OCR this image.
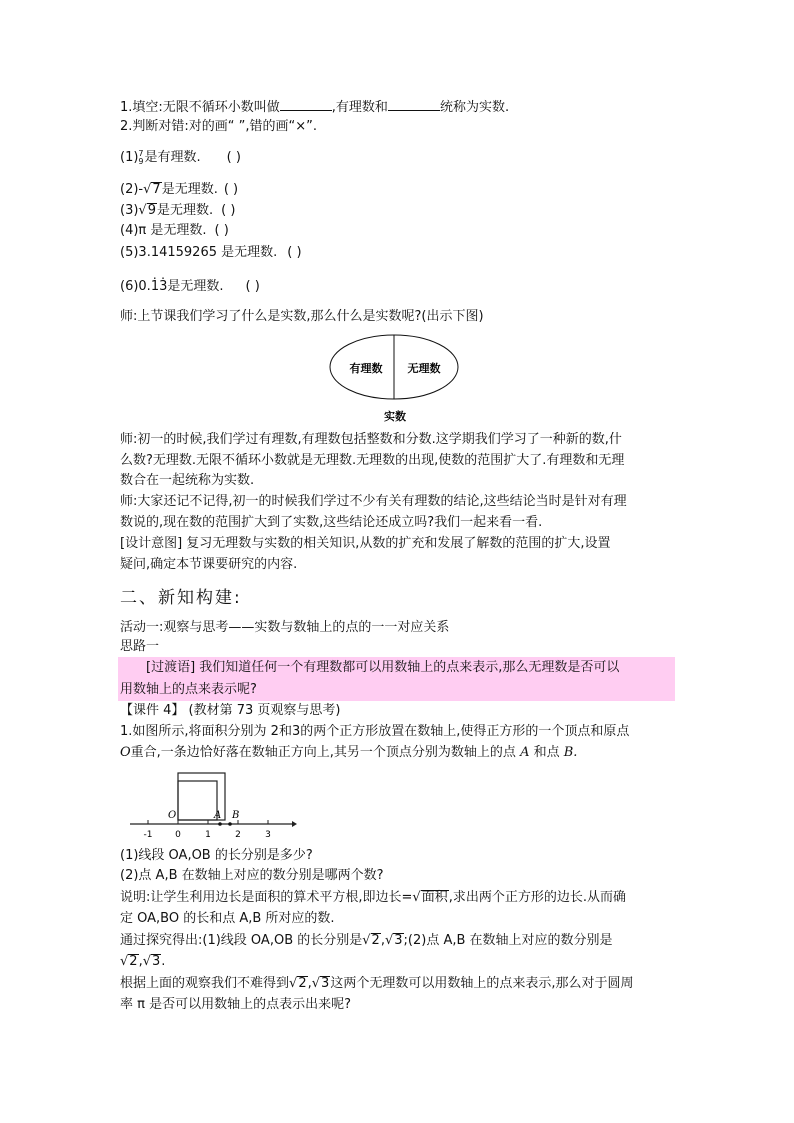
1.填空:无限不循环小数叫做	,有理数和	统称为实数.
2.判断对错:对的画“ ”,错的画“×”.
(1) 7
9 是有理数. ( )
(2)-√7是无理数. ( )
(3)√9是无理数. ( )
(4)π 是无理数. ( )
(5)3.14159265 是无理数. ( )
(6)0.. 1. 3是无理数. ( )
师:上节课我们学习了什么是实数,那么什么是实数呢?(出示下图)
有理数 无理数
实数
师:初一的时候,我们学过有理数,有理数包括整数和分数.这学期我们学习了一种新的数,什
么数?无理数.无限不循环小数就是无理数.无理数的出现,使数的范围扩大了.有理数和无理
数合在一起统称为实数.
师:大家还记不记得,初一的时候我们学过不少有关有理数的结论,这些结论当时是针对有理
数说的,现在数的范围扩大到了实数,这些结论还成立吗?我们一起来看一看.
[设计意图] 复习无理数与实数的相关知识,从数的扩充和发展了解数的范围的扩大,设置
疑问,确定本节课要研究的内容.
二、新知构建:
活动一:观察与思考——实数与数轴上的点的一一对应关系
思路一
[过渡语] 我们知道任何一个有理数都可以用数轴上的点来表示,那么无理数是否可以
用数轴上的点来表示呢?
【课件 4】 (教材第 73 页观察与思考)
1.如图所示,将面积分别为 2和3的两个正方形放置在数轴上,使得正方形的一个顶点和原点
O重合,一条边恰好落在数轴正方向上,其另一个顶点分别为数轴上的点 A 和点 B.
O	A B
-1	0	1	2	3
(1)线段 OA,OB 的长分别是多少?
(2)点 A,B 在数轴上对应的数分别是哪两个数?
说明:让学生利用边长是面积的算术平方根,即边长=√面积,求出两个正方形的边长.从而确
定 OA,BO 的长和点 A,B 所对应的数.
通过探究得出:(1)线段 OA,OB 的长分别是√2,√3;(2)点 A,B 在数轴上对应的数分别是
√2,√3.
根据上面的观察我们不难得到√2,√3这两个无理数可以用数轴上的点来表示,那么对于圆周
率 π 是否可以用数轴上的点表示出来呢?
